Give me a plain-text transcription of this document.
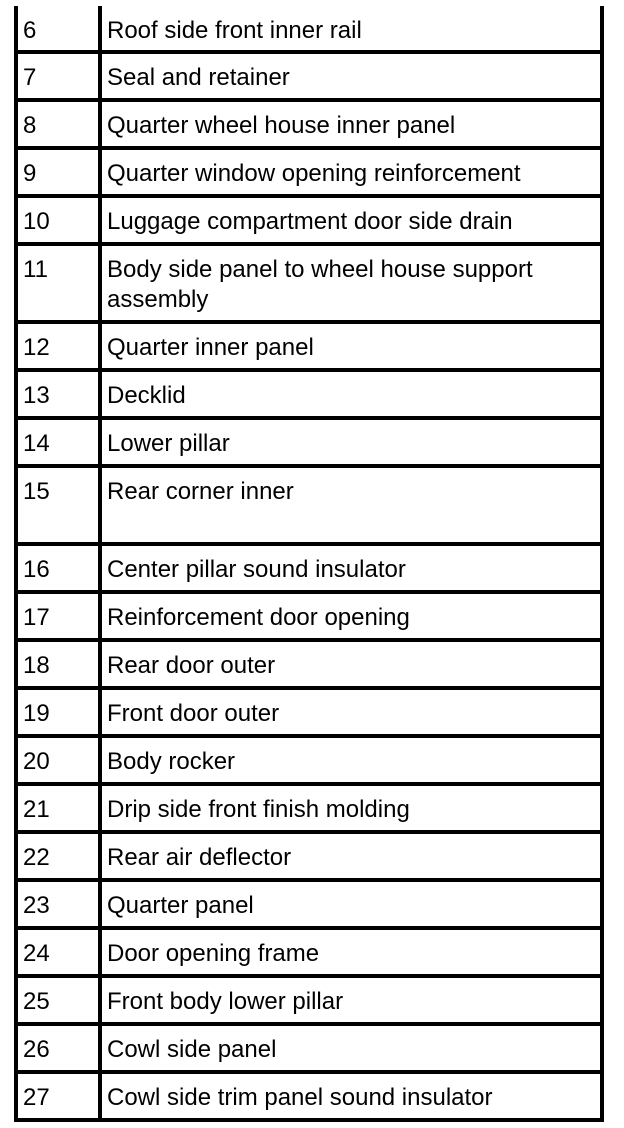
6	Roof side front inner rail

7	Seal and retainer

8	Quarter wheel house inner panel

9	Quarter window opening reinforcement

10	Luggage compartment door side drain

11	Body side panel to wheel house support assembly

12	Quarter inner panel

13	Decklid

14	Lower pillar

15	Rear corner inner

16	Center pillar sound insulator

17	Reinforcement door opening

18	Rear door outer

19	Front door outer

20	Body rocker

21	Drip side front finish molding

22	Rear air deflector

23	Quarter panel

24	Door opening frame

25	Front body lower pillar

26	Cowl side panel

27	Cowl side trim panel sound insulator
